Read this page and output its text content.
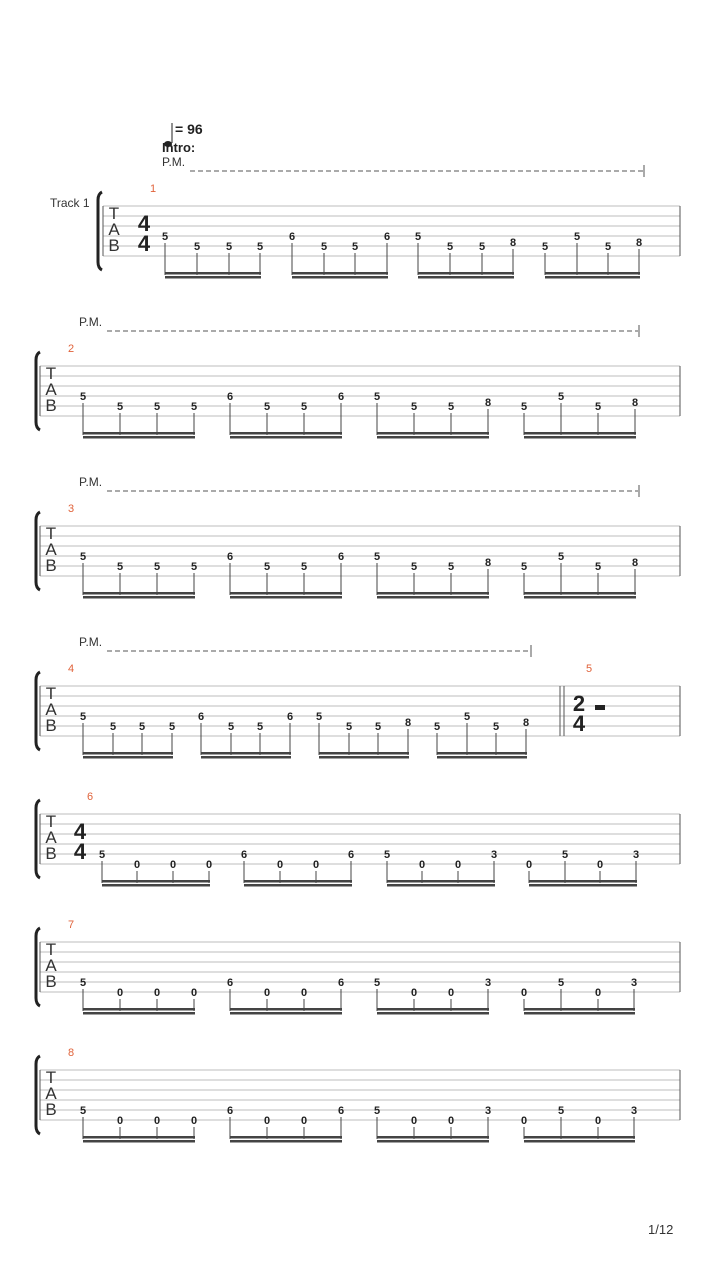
= 96
Intro:
Track 1
P.M.
P.M.
P.M.
P.M.
T
A
B
1
4
4 5
5 5 5
6
5 5
6 5
5 5 8 5
5
5 8
T
A
B
2
5
5	5	5
6
5	5
6	5
5	5	8	5
5
5	8
T
A
B
3
5
5	5	5
6
5	5
6	5
5	5	8	5
5
5	8
T
A
B
4
5
5 5 5
6
5 5
6 5
5 5 8 5
5
5 8
5
2
4
T
A
B
6
4
4 5
0	0	0
6
0	0
6	5
0	0
3
0
5
0
3
T
A
B
7
5
0	0	0
6
0	0
6	5
0	0
3
0
5
0
3
T
A
B
8
5
0	0	0
6
0	0
6	5
0	0
3
0
5
0
3
1/12
